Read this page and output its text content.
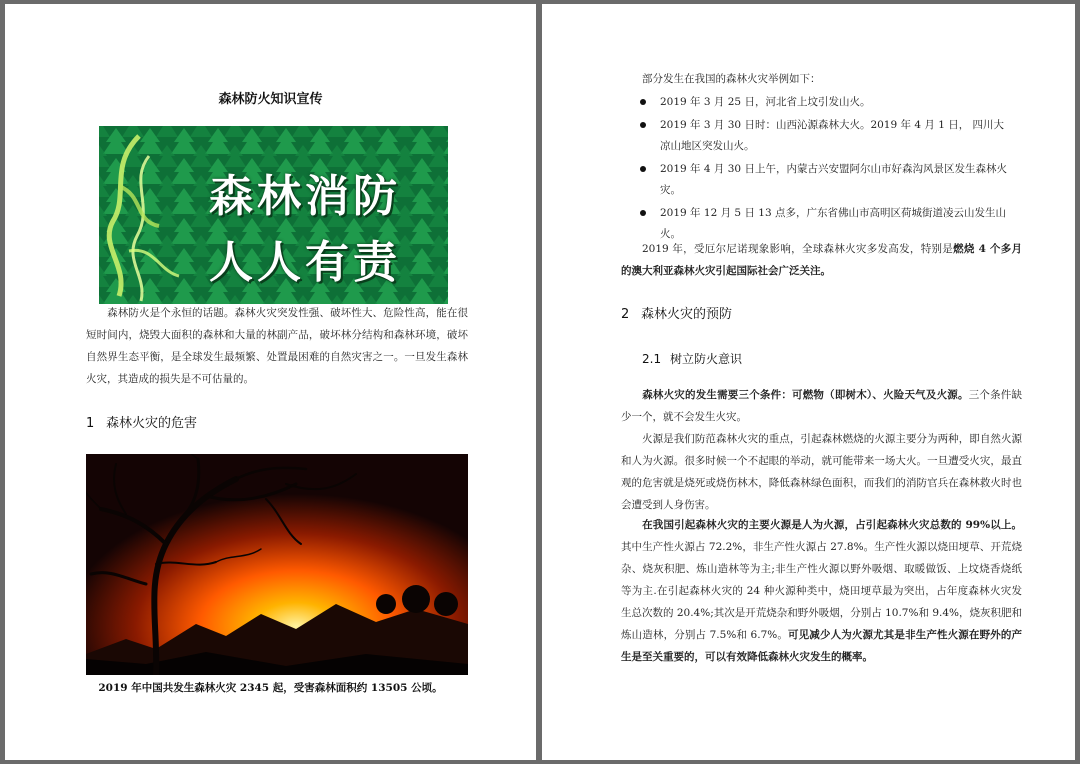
森林防火知识宣传
森林消防
人人有责
森林防火是个永恒的话题。森林火灾突发性强、破坏性大、危险性高，能在很短时间内，烧毁大面积的森林和大量的林副产品，破坏林分结构和森林环境，破坏自然界生态平衡，是全球发生最频繁、处置最困难的自然灾害之一。一旦发生森林火灾，其造成的损失是不可估量的。
1 森林火灾的危害
2019 年中国共发生森林火灾 2345 起，受害森林面积约 13505 公顷。
部分发生在我国的森林火灾举例如下：
2019 年 3 月 25 日，河北省上坟引发山火。
2019 年 3 月 30 日时：山西沁源森林大火。2019 年 4 月 1 日， 四川大凉山地区突发山火。
2019 年 4 月 30 日上午，内蒙古兴安盟阿尔山市好森沟风景区发生森林火灾。
2019 年 12 月 5 日 13 点多，广东省佛山市高明区荷城街道凌云山发生山火。
2019 年，受厄尔尼诺现象影响，全球森林火灾多发高发，特别是燃烧 4 个多月的澳大利亚森林火灾引起国际社会广泛关注。
2 森林火灾的预防
2.1 树立防火意识
森林火灾的发生需要三个条件：可燃物（即树木）、火险天气及火源。三个条件缺少一个，就不会发生火灾。
火源是我们防范森林火灾的重点，引起森林燃烧的火源主要分为两种，即自然火源和人为火源。很多时候一个不起眼的举动，就可能带来一场大火。一旦遭受火灾，最直观的危害就是烧死或烧伤林木，降低森林绿色面积，而我们的消防官兵在森林救火时也会遭受到人身伤害。
在我国引起森林火灾的主要火源是人为火源，占引起森林火灾总数的 99%以上。其中生产性火源占 72.2%，非生产性火源占 27.8%。生产性火源以烧田埂草、开荒烧杂、烧灰积肥、炼山造林等为主;非生产性火源以野外吸烟、取暖做饭、上坟烧香烧纸等为主.在引起森林火灾的 24 种火源种类中，烧田埂草最为突出，占年度森林火灾发生总次数的 20.4%;其次是开荒烧杂和野外吸烟，分别占 10.7%和 9.4%，烧灰积肥和炼山造林，分别占 7.5%和 6.7%。可见减少人为火源尤其是非生产性火源在野外的产生是至关重要的，可以有效降低森林火灾发生的概率。
